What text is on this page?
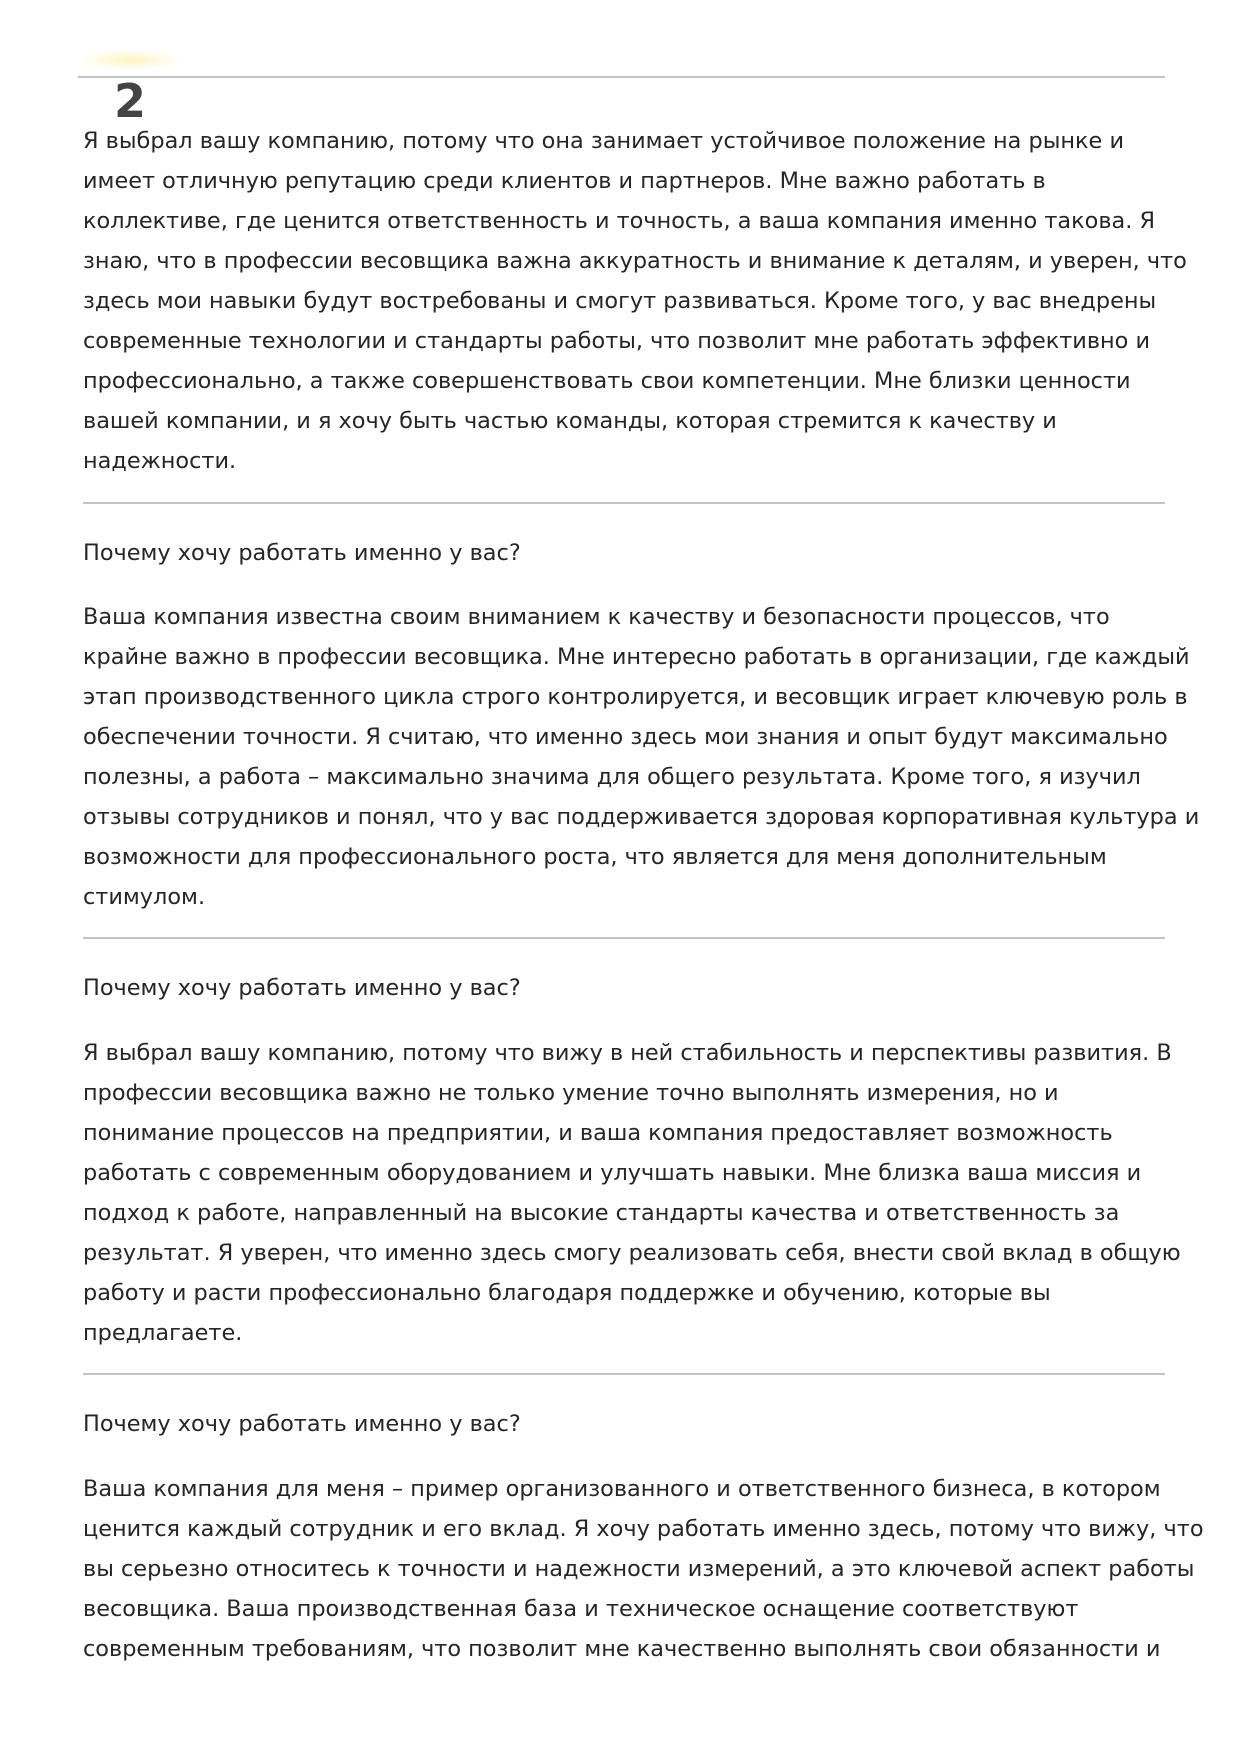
2
Я выбрал вашу компанию, потому что она занимает устойчивое положение на рынке и
имеет отличную репутацию среди клиентов и партнеров. Мне важно работать в
коллективе, где ценится ответственность и точность, а ваша компания именно такова. Я
знаю, что в профессии весовщика важна аккуратность и внимание к деталям, и уверен, что
здесь мои навыки будут востребованы и смогут развиваться. Кроме того, у вас внедрены
современные технологии и стандарты работы, что позволит мне работать эффективно и
профессионально, а также совершенствовать свои компетенции. Мне близки ценности
вашей компании, и я хочу быть частью команды, которая стремится к качеству и
надежности.

Почему хочу работать именно у вас?

Ваша компания известна своим вниманием к качеству и безопасности процессов, что
крайне важно в профессии весовщика. Мне интересно работать в организации, где каждый
этап производственного цикла строго контролируется, и весовщик играет ключевую роль в
обеспечении точности. Я считаю, что именно здесь мои знания и опыт будут максимально
полезны, а работа – максимально значима для общего результата. Кроме того, я изучил
отзывы сотрудников и понял, что у вас поддерживается здоровая корпоративная культура и
возможности для профессионального роста, что является для меня дополнительным
стимулом.

Почему хочу работать именно у вас?

Я выбрал вашу компанию, потому что вижу в ней стабильность и перспективы развития. В
профессии весовщика важно не только умение точно выполнять измерения, но и
понимание процессов на предприятии, и ваша компания предоставляет возможность
работать с современным оборудованием и улучшать навыки. Мне близка ваша миссия и
подход к работе, направленный на высокие стандарты качества и ответственность за
результат. Я уверен, что именно здесь смогу реализовать себя, внести свой вклад в общую
работу и расти профессионально благодаря поддержке и обучению, которые вы
предлагаете.

Почему хочу работать именно у вас?

Ваша компания для меня – пример организованного и ответственного бизнеса, в котором
ценится каждый сотрудник и его вклад. Я хочу работать именно здесь, потому что вижу, что
вы серьезно относитесь к точности и надежности измерений, а это ключевой аспект работы
весовщика. Ваша производственная база и техническое оснащение соответствуют
современным требованиям, что позволит мне качественно выполнять свои обязанности и
